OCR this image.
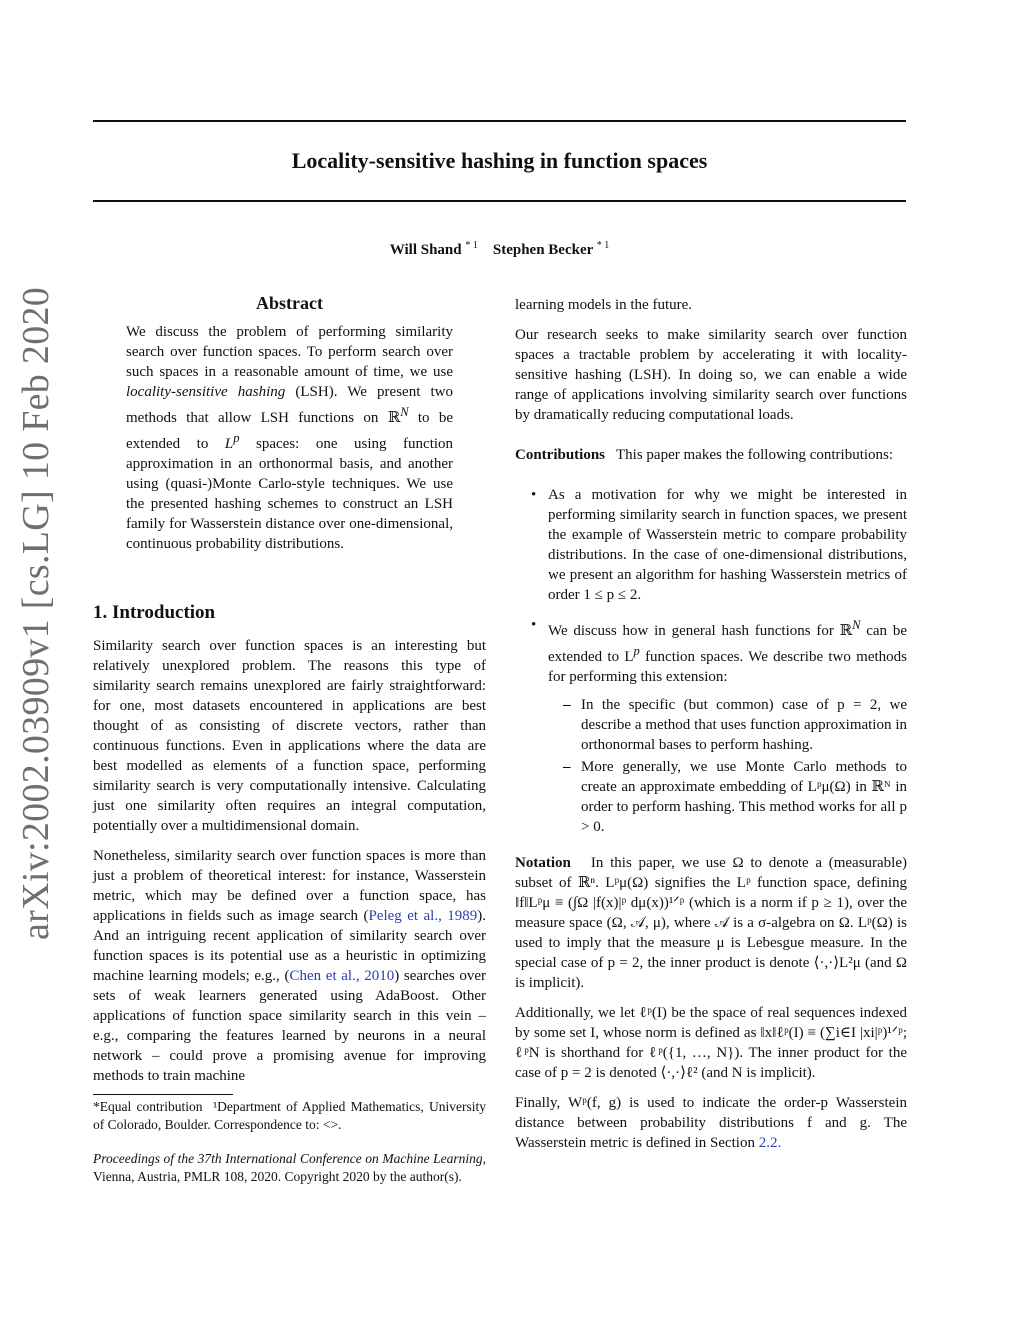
arXiv:2002.03909v1 [cs.LG] 10 Feb 2020
Locality-sensitive hashing in function spaces
Will Shand $^{* 1}$ Stephen Becker $^{* 1}$
Abstract
We discuss the problem of performing similarity search over function spaces. To perform search over such spaces in a reasonable amount of time, we use locality-sensitive hashing (LSH). We present two methods that allow LSH functions on ℝ$^N$ to be extended to $L^p$ spaces: one using function approximation in an orthonormal basis, and another using (quasi-)Monte Carlo-style techniques. We use the presented hashing schemes to construct an LSH family for Wasserstein distance over one-dimensional, continuous probability distributions.
1. Introduction

Similarity search over function spaces is an interesting but relatively unexplored problem. The reasons this type of similarity search remains unexplored are fairly straightforward: for one, most datasets encountered in applications are best thought of as consisting of discrete vectors, rather than continuous functions. Even in applications where the data are best modelled as elements of a function space, performing similarity search is very computationally intensive. Calculating just one similarity often requires an integral computation, potentially over a multidimensional domain.

Nonetheless, similarity search over function spaces is more than just a problem of theoretical interest: for instance, Wasserstein metric, which may be defined over a function space, has applications in fields such as image search (Peleg et al., 1989). And an intriguing recent application of similarity search over function spaces is its potential use as a heuristic in optimizing machine learning models; e.g., (Chen et al., 2010) searches over sets of weak learners generated using AdaBoost. Other applications of function space similarity search in this vein – e.g., comparing the features learned by neurons in a neural network – could prove a promising avenue for improving methods to train machine

*Equal contribution ¹Department of Applied Mathematics, University of Colorado, Boulder. Correspondence to: <>.
Proceedings of the 37th International Conference on Machine Learning, Vienna, Austria, PMLR 108, 2020. Copyright 2020 by the author(s).

learning models in the future.

Our research seeks to make similarity search over function spaces a tractable problem by accelerating it with locality-sensitive hashing (LSH). In doing so, we can enable a wide range of applications involving similarity search over functions by dramatically reducing computational loads.

Contributions This paper makes the following contributions:

• As a motivation for why we might be interested in performing similarity search in function spaces, we present the example of Wasserstein metric to compare probability distributions. In the case of one-dimensional distributions, we present an algorithm for hashing Wasserstein metrics of order 1 ≤ p ≤ 2.
• We discuss how in general hash functions for ℝ$^N$ can be extended to $L^p$ function spaces. We describe two methods for performing this extension:
– In the specific (but common) case of p = 2, we describe a method that uses function approximation in orthonormal bases to perform hashing.
– More generally, we use Monte Carlo methods to create an approximate embedding of Lᵖμ(Ω) in ℝᴺ in order to perform hashing. This method works for all p > 0.

Notation In this paper, we use Ω to denote a (measurable) subset of ℝⁿ. Lᵖμ(Ω) signifies the Lᵖ function space, defining ‖f‖Lᵖμ ≡ (∫Ω |f(x)|ᵖ dμ(x))¹ᐟᵖ (which is a norm if p ≥ 1), over the measure space (Ω, 𝒜, μ), where 𝒜 is a σ-algebra on Ω. Lᵖ(Ω) is used to imply that the measure μ is Lebesgue measure. In the special case of p = 2, the inner product is denote ⟨·,·⟩L²μ (and Ω is implicit).

Additionally, we let ℓᵖ(I) be the space of real sequences indexed by some set I, whose norm is defined as ‖x‖ℓᵖ(I) ≡ (∑i∈I |xi|ᵖ)¹ᐟᵖ; ℓᵖN is shorthand for ℓᵖ({1, …, N}). The inner product for the case of p = 2 is denoted ⟨·,·⟩ℓ² (and N is implicit).

Finally, Wᵖ(f, g) is used to indicate the order-p Wasserstein distance between probability distributions f and g. The Wasserstein metric is defined in Section 2.2.
